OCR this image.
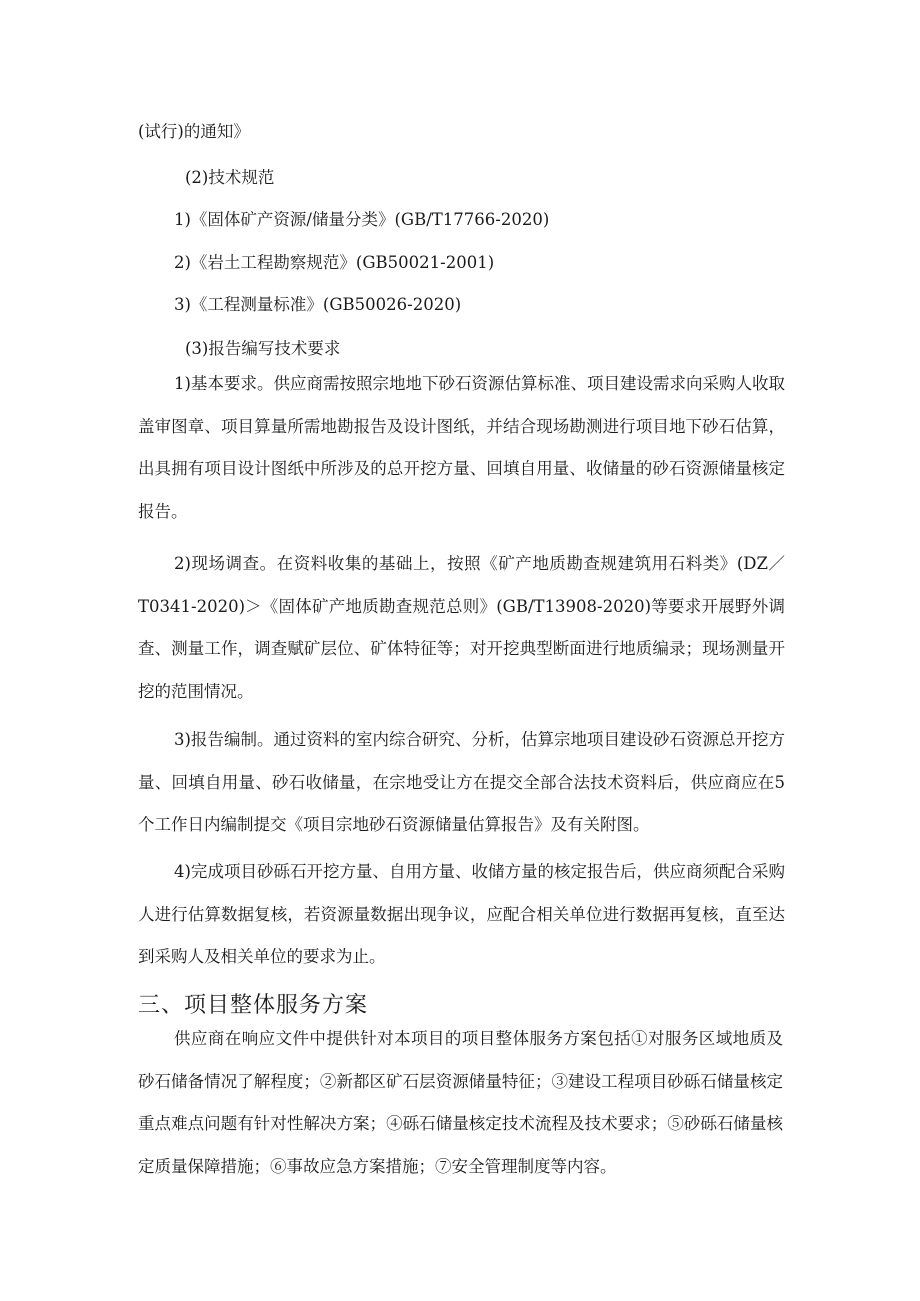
(试行)的通知》
(2)技术规范
1)《固体矿产资源/储量分类》(GB/T17766-2020)
2)《岩土工程勘察规范》(GB50021-2001)
3)《工程测量标准》(GB50026-2020)
(3)报告编写技术要求
1)基本要求。供应商需按照宗地地下砂石资源估算标准、项目建设需求向采购人收取盖审图章、项目算量所需地勘报告及设计图纸，并结合现场勘测进行项目地下砂石估算，出具拥有项目设计图纸中所涉及的总开挖方量、回填自用量、收储量的砂石资源储量核定报告。
2)现场调查。在资料收集的基础上，按照《矿产地质勘查规建筑用石料类》(DZ／T0341-2020)＞《固体矿产地质勘查规范总则》(GB/T13908-2020)等要求开展野外调查、测量工作，调查赋矿层位、矿体特征等；对开挖典型断面进行地质编录；现场测量开挖的范围情况。
3)报告编制。通过资料的室内综合研究、分析，估算宗地项目建设砂石资源总开挖方量、回填自用量、砂石收储量，在宗地受让方在提交全部合法技术资料后，供应商应在5个工作日内编制提交《项目宗地砂石资源储量估算报告》及有关附图。
4)完成项目砂砾石开挖方量、自用方量、收储方量的核定报告后，供应商须配合采购人进行估算数据复核，若资源量数据出现争议，应配合相关单位进行数据再复核，直至达到采购人及相关单位的要求为止。
三、项目整体服务方案
供应商在响应文件中提供针对本项目的项目整体服务方案包括①对服务区域地质及砂石储备情况了解程度；②新都区矿石层资源储量特征；③建设工程项目砂砾石储量核定重点难点问题有针对性解决方案；④砾石储量核定技术流程及技术要求；⑤砂砾石储量核定质量保障措施；⑥事故应急方案措施；⑦安全管理制度等内容。
